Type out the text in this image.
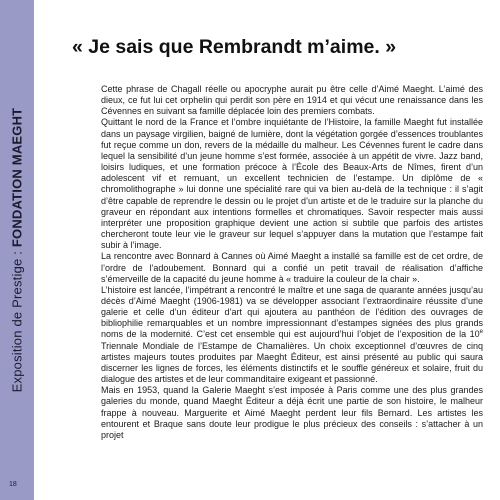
Exposition de Prestige : FONDATION MAEGHT
18
« Je sais que Rembrandt m’aime. »

Cette phrase de Chagall réelle ou apocryphe aurait pu être celle d’Aimé Maeght. L’aimé des dieux, ce fut lui cet orphelin qui perdit son père en 1914 et qui vécut une renaissance dans les Cévennes en suivant sa famille déplacée loin des premiers combats.

Quittant le nord de la France et l’ombre inquiétante de l’Histoire, la famille Maeght fut installée dans un paysage virgilien, baigné de lumière, dont la végétation gorgée d’essences troublantes fut reçue comme un don, revers de la médaille du malheur. Les Cévennes furent le cadre dans lequel la sensibilité d’un jeune homme s’est formée, associée à un appétit de vivre. Jazz band, loisirs ludiques, et une formation précoce à l’École des Beaux-Arts de Nîmes, firent d’un adolescent vif et remuant, un excellent technicien de l’estampe. Un diplôme de « chromolithographe » lui donne une spécialité rare qui va bien au-delà de la technique : il s’agit d’être capable de reprendre le dessin ou le projet d’un artiste et de le traduire sur la planche du graveur en répondant aux intentions formelles et chromatiques. Savoir respecter mais aussi interpréter une proposition graphique devient une action si subtile que parfois des artistes chercheront toute leur vie le graveur sur lequel s’appuyer dans la mutation que l’estampe fait subir à l’image.

La rencontre avec Bonnard à Cannes où Aimé Maeght a installé sa famille est de cet ordre, de l’ordre de l’adoubement. Bonnard qui a confié un petit travail de réalisation d’affiche s’émerveille de la capacité du jeune homme à « traduire la couleur de la chair ».

L’histoire est lancée, l’impétrant a rencontré le maître et une saga de quarante années jusqu’au décès d’Aimé Maeght (1906-1981) va se développer associant l’extraordinaire réussite d’une galerie et celle d’un éditeur d’art qui ajoutera au panthéon de l’édition des ouvrages de bibliophilie remarquables et un nombre impressionnant d’estampes signées des plus grands noms de la modernité. C’est cet ensemble qui est aujourd’hui l’objet de l’exposition de la 10e Triennale Mondiale de l’Estampe de Chamalières. Un choix exceptionnel d’œuvres de cinq artistes majeurs toutes produites par Maeght Éditeur, est ainsi présenté au public qui saura discerner les lignes de forces, les éléments distinctifs et le souffle généreux et solaire, fruit du dialogue des artistes et de leur commanditaire exigeant et passionné.

Mais en 1953, quand la Galerie Maeght s’est imposée à Paris comme une des plus grandes galeries du monde, quand Maeght Éditeur a déjà écrit une partie de son histoire, le malheur frappe à nouveau. Marguerite et Aimé Maeght perdent leur fils Bernard. Les artistes les entourent et Braque sans doute leur prodigue le plus précieux des conseils : s’attacher à un projet
